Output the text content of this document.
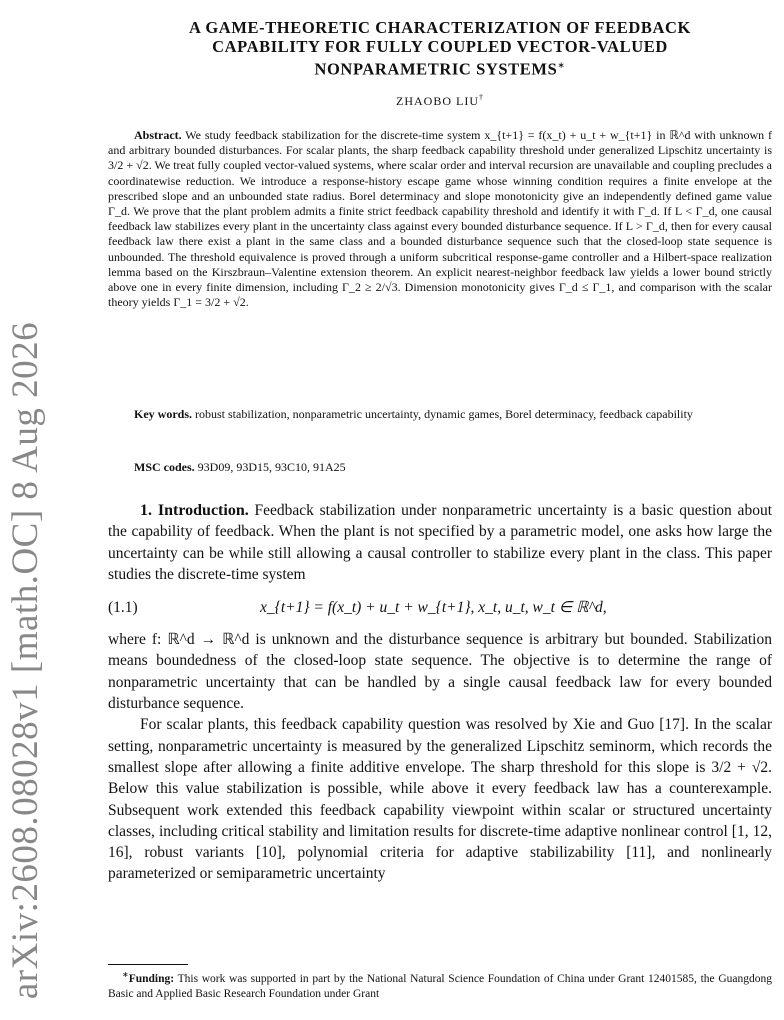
arXiv:2608.08028v1 [math.OC] 8 Aug 2026
A GAME-THEORETIC CHARACTERIZATION OF FEEDBACK
CAPABILITY FOR FULLY COUPLED VECTOR-VALUED
NONPARAMETRIC SYSTEMS∗
ZHAOBO LIU†
Abstract. We study feedback stabilization for the discrete-time system x_{t+1} = f(x_t) + u_t + w_{t+1} in ℝ^d with unknown f and arbitrary bounded disturbances. For scalar plants, the sharp feedback capability threshold under generalized Lipschitz uncertainty is 3/2 + √2. We treat fully coupled vector-valued systems, where scalar order and interval recursion are unavailable and coupling precludes a coordinatewise reduction. We introduce a response-history escape game whose winning condition requires a finite envelope at the prescribed slope and an unbounded state radius. Borel determinacy and slope monotonicity give an independently defined game value Γ_d. We prove that the plant problem admits a finite strict feedback capability threshold and identify it with Γ_d. If L < Γ_d, one causal feedback law stabilizes every plant in the uncertainty class against every bounded disturbance sequence. If L > Γ_d, then for every causal feedback law there exist a plant in the same class and a bounded disturbance sequence such that the closed-loop state sequence is unbounded. The threshold equivalence is proved through a uniform subcritical response-game controller and a Hilbert-space realization lemma based on the Kirszbraun–Valentine extension theorem. An explicit nearest-neighbor feedback law yields a lower bound strictly above one in every finite dimension, including Γ_2 ≥ 2/√3. Dimension monotonicity gives Γ_d ≤ Γ_1, and comparison with the scalar theory yields Γ_1 = 3/2 + √2.
Key words. robust stabilization, nonparametric uncertainty, dynamic games, Borel determinacy, feedback capability
MSC codes. 93D09, 93D15, 93C10, 91A25

1. Introduction. Feedback stabilization under nonparametric uncertainty is a basic question about the capability of feedback. When the plant is not specified by a parametric model, one asks how large the uncertainty can be while still allowing a causal controller to stabilize every plant in the class. This paper studies the discrete-time system

(1.1)	x_{t+1} = f(x_t) + u_t + w_{t+1}, x_t, u_t, w_t ∈ ℝ^d,

where f: ℝ^d → ℝ^d is unknown and the disturbance sequence is arbitrary but bounded. Stabilization means boundedness of the closed-loop state sequence. The objective is to determine the range of nonparametric uncertainty that can be handled by a single causal feedback law for every bounded disturbance sequence.

For scalar plants, this feedback capability question was resolved by Xie and Guo [17]. In the scalar setting, nonparametric uncertainty is measured by the generalized Lipschitz seminorm, which records the smallest slope after allowing a finite additive envelope. The sharp threshold for this slope is 3/2 + √2. Below this value stabilization is possible, while above it every feedback law has a counterexample. Subsequent work extended this feedback capability viewpoint within scalar or structured uncertainty classes, including critical stability and limitation results for discrete-time adaptive nonlinear control [1, 12, 16], robust variants [10], polynomial criteria for adaptive stabilizability [11], and nonlinearly parameterized or semiparametric uncertainty

∗Funding: This work was supported in part by the National Natural Science Foundation of China under Grant 12401585, the Guangdong Basic and Applied Basic Research Foundation under Grant
